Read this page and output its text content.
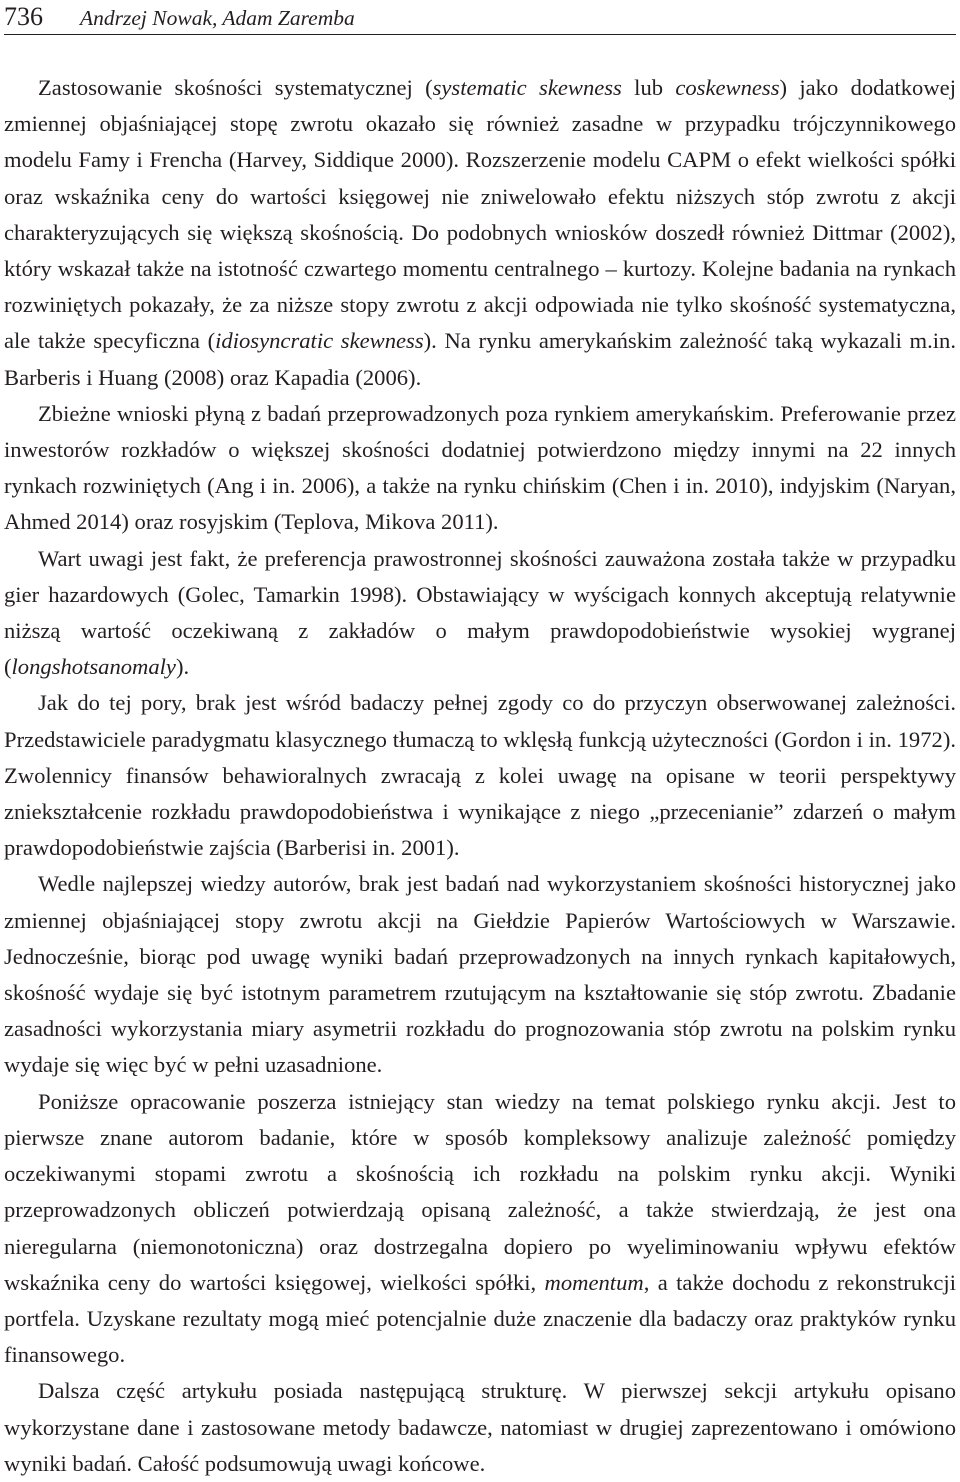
736 Andrzej Nowak, Adam Zaremba

Zastosowanie skośności systematycznej (systematic skewness lub coskewness) jako dodatkowej zmiennej objaśniającej stopę zwrotu okazało się również zasadne w przypadku trójczynnikowego modelu Famy i Frencha (Harvey, Siddique 2000). Rozszerzenie modelu CAPM o efekt wielkości spółki oraz wskaźnika ceny do wartości księgowej nie zniwelowało efektu niższych stóp zwrotu z akcji charakteryzujących się większą skośnością. Do podobnych wniosków doszedł również Dittmar (2002), który wskazał także na istotność czwartego momentu centralnego – kurtozy. Kolejne badania na rynkach rozwiniętych pokazały, że za niższe stopy zwrotu z akcji odpowiada nie tylko skośność systematyczna, ale także specyficzna (idiosyncratic skewness). Na rynku amerykańskim zależność taką wykazali m.in. Barberis i Huang (2008) oraz Kapadia (2006).

Zbieżne wnioski płyną z badań przeprowadzonych poza rynkiem amerykańskim. Preferowanie przez inwestorów rozkładów o większej skośności dodatniej potwierdzono między innymi na 22 innych rynkach rozwiniętych (Ang i in. 2006), a także na rynku chińskim (Chen i in. 2010), indyjskim (Naryan, Ahmed 2014) oraz rosyjskim (Teplova, Mikova 2011).

Wart uwagi jest fakt, że preferencja prawostronnej skośności zauważona została także w przypadku gier hazardowych (Golec, Tamarkin 1998). Obstawiający w wyścigach konnych akceptują relatywnie niższą wartość oczekiwaną z zakładów o małym prawdopodobieństwie wysokiej wygranej (longshotsanomaly).

Jak do tej pory, brak jest wśród badaczy pełnej zgody co do przyczyn obserwowanej zależności. Przedstawiciele paradygmatu klasycznego tłumaczą to wklęsłą funkcją użyteczności (Gordon i in. 1972). Zwolennicy finansów behawioralnych zwracają z kolei uwagę na opisane w teorii perspektywy zniekształcenie rozkładu prawdopodobieństwa i wynikające z niego „przecenianie” zdarzeń o małym prawdopodobieństwie zajścia (Barberisi in. 2001).

Wedle najlepszej wiedzy autorów, brak jest badań nad wykorzystaniem skośności historycznej jako zmiennej objaśniającej stopy zwrotu akcji na Giełdzie Papierów Wartościowych w Warszawie. Jednocześnie, biorąc pod uwagę wyniki badań przeprowadzonych na innych rynkach kapitałowych, skośność wydaje się być istotnym parametrem rzutującym na kształtowanie się stóp zwrotu. Zbadanie zasadności wykorzystania miary asymetrii rozkładu do prognozowania stóp zwrotu na polskim rynku wydaje się więc być w pełni uzasadnione.

Poniższe opracowanie poszerza istniejący stan wiedzy na temat polskiego rynku akcji. Jest to pierwsze znane autorom badanie, które w sposób kompleksowy analizuje zależność pomiędzy oczekiwanymi stopami zwrotu a skośnością ich rozkładu na polskim rynku akcji. Wyniki przeprowadzonych obliczeń potwierdzają opisaną zależność, a także stwierdzają, że jest ona nieregularna (niemonotoniczna) oraz dostrzegalna dopiero po wyeliminowaniu wpływu efektów wskaźnika ceny do wartości księgowej, wielkości spółki, momentum, a także dochodu z rekonstrukcji portfela. Uzyskane rezultaty mogą mieć potencjalnie duże znaczenie dla badaczy oraz praktyków rynku finansowego.

Dalsza część artykułu posiada następującą strukturę. W pierwszej sekcji artykułu opisano wykorzystane dane i zastosowane metody badawcze, natomiast w drugiej zaprezentowano i omówiono wyniki badań. Całość podsumowują uwagi końcowe.
